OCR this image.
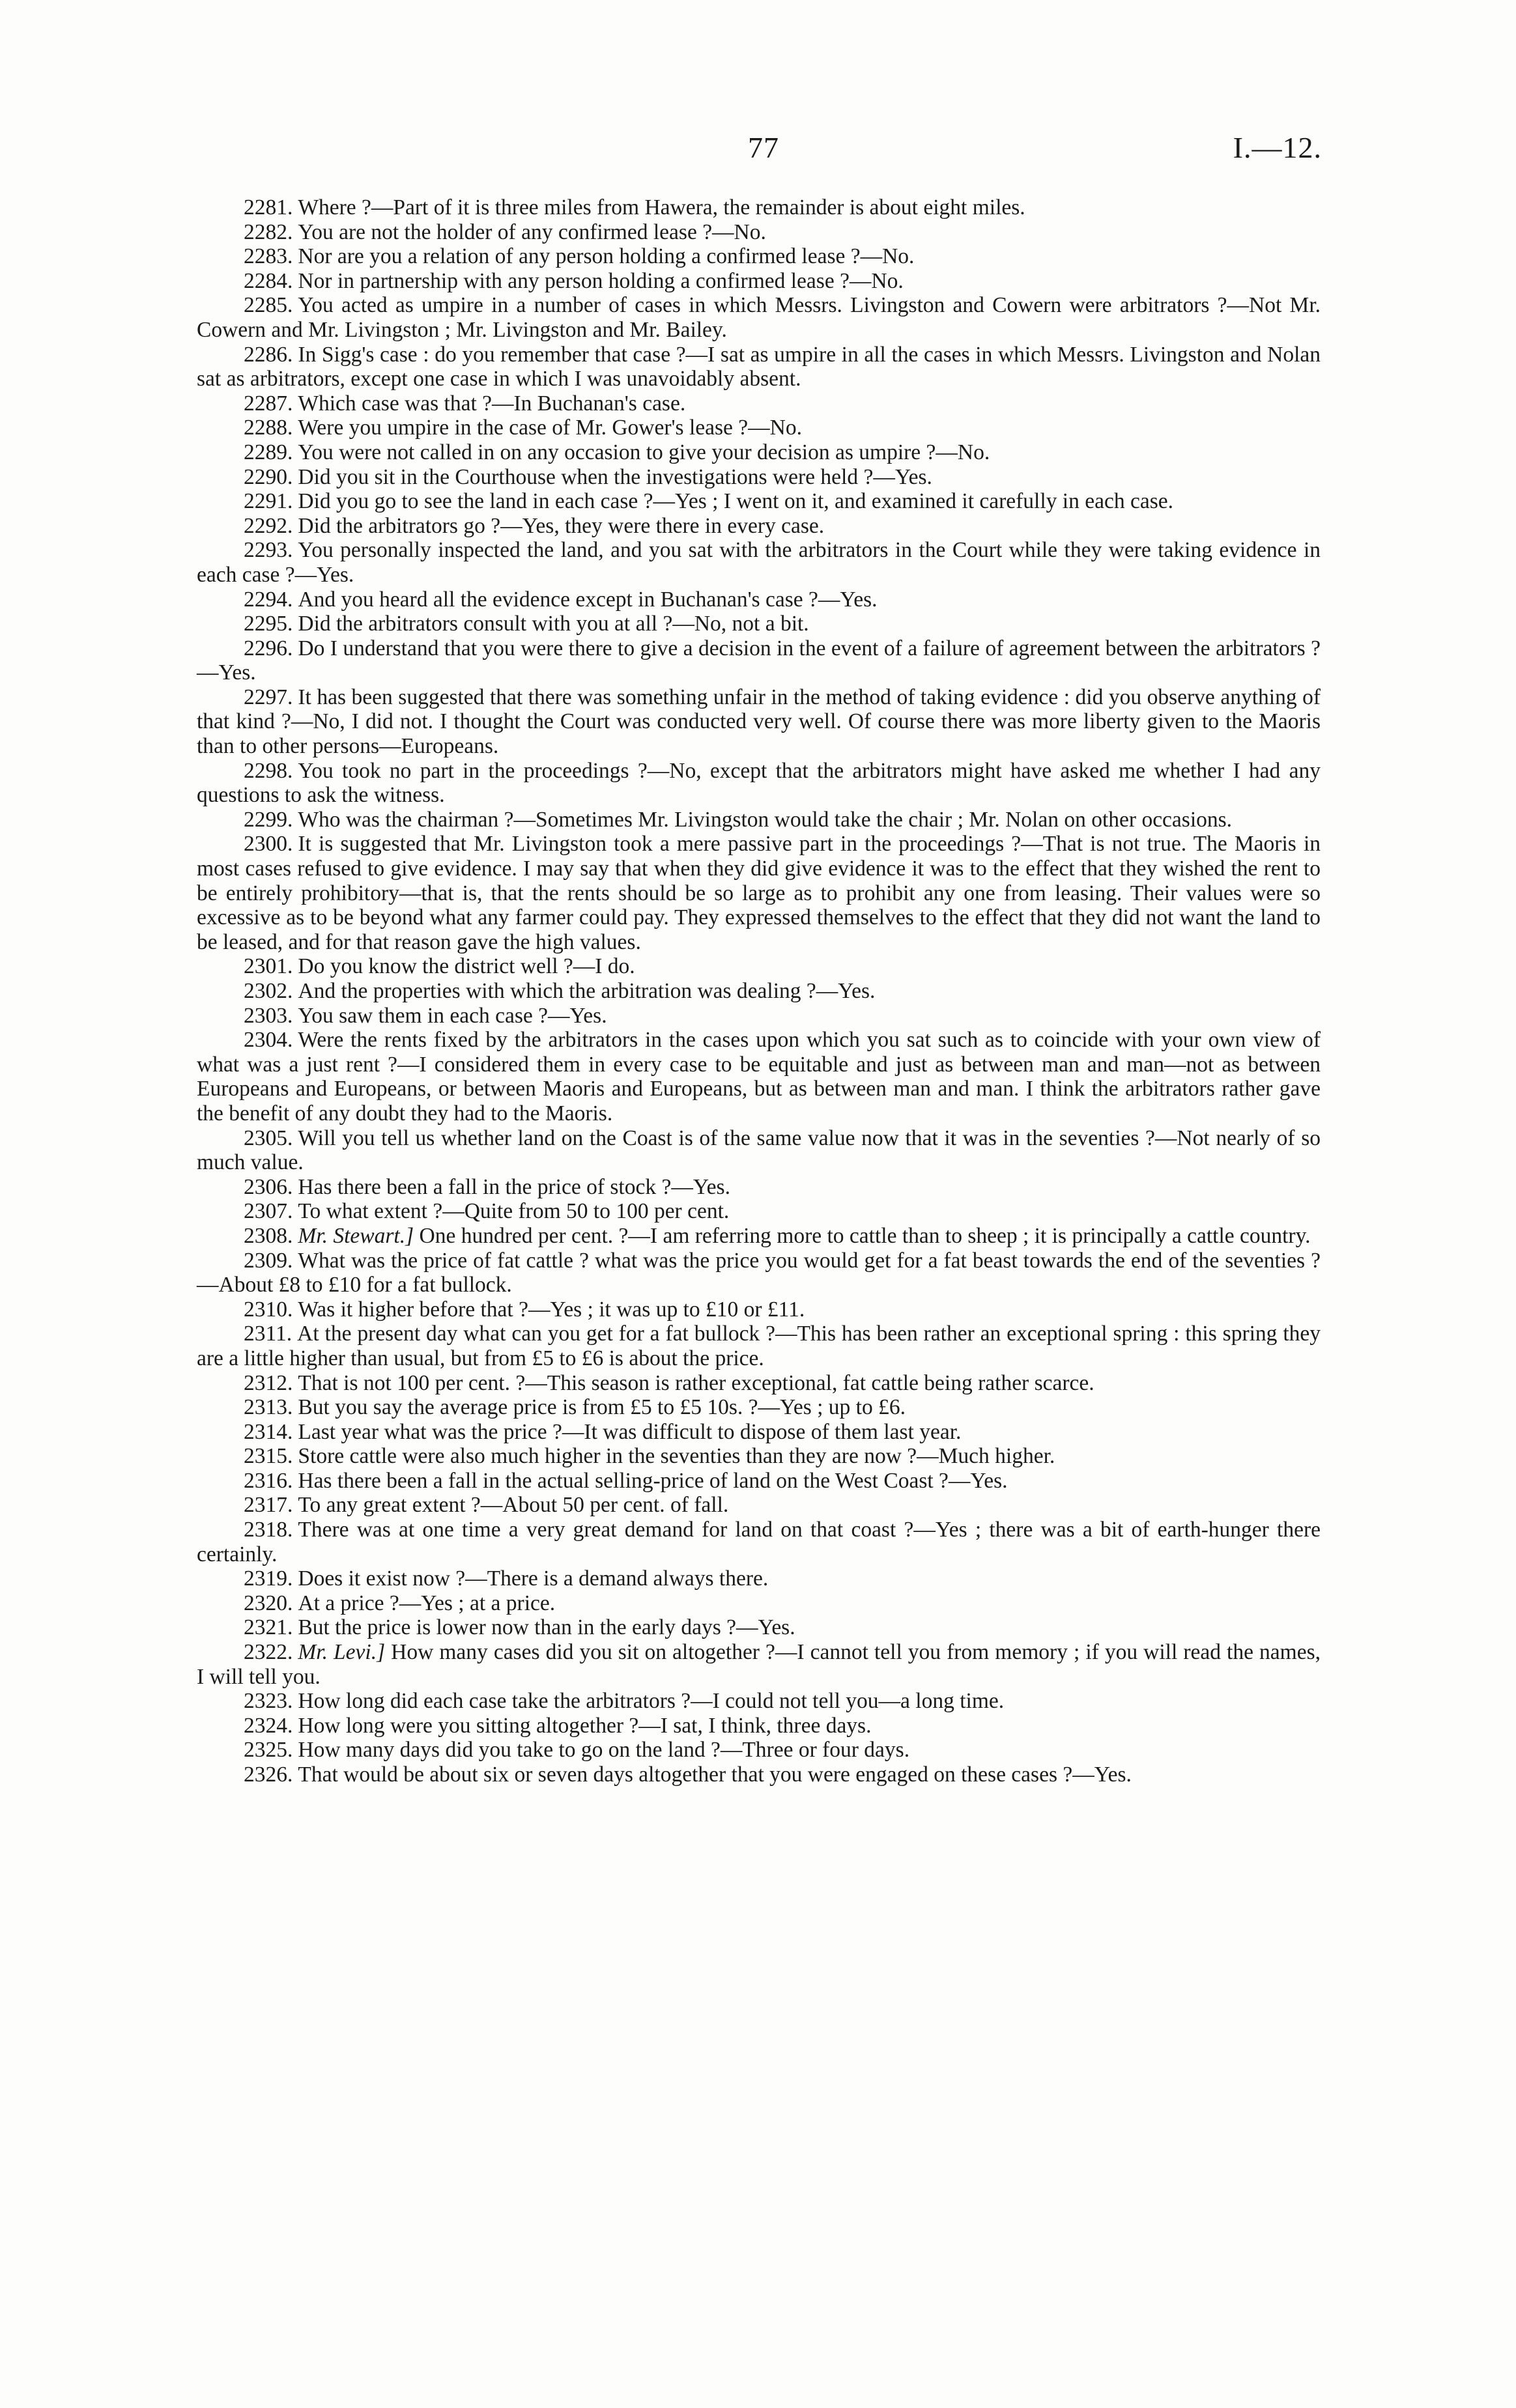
77	I.—12.

2281. Where ?—Part of it is three miles from Hawera, the remainder is about eight miles.

2282. You are not the holder of any confirmed lease ?—No.

2283. Nor are you a relation of any person holding a confirmed lease ?—No.

2284. Nor in partnership with any person holding a confirmed lease ?—No.

2285. You acted as umpire in a number of cases in which Messrs. Livingston and Cowern were arbitrators ?—Not Mr. Cowern and Mr. Livingston ; Mr. Livingston and Mr. Bailey.

2286. In Sigg's case : do you remember that case ?—I sat as umpire in all the cases in which Messrs. Livingston and Nolan sat as arbitrators, except one case in which I was unavoidably absent.

2287. Which case was that ?—In Buchanan's case.

2288. Were you umpire in the case of Mr. Gower's lease ?—No.

2289. You were not called in on any occasion to give your decision as umpire ?—No.

2290. Did you sit in the Courthouse when the investigations were held ?—Yes.

2291. Did you go to see the land in each case ?—Yes ; I went on it, and examined it carefully in each case.

2292. Did the arbitrators go ?—Yes, they were there in every case.

2293. You personally inspected the land, and you sat with the arbitrators in the Court while they were taking evidence in each case ?—Yes.

2294. And you heard all the evidence except in Buchanan's case ?—Yes.

2295. Did the arbitrators consult with you at all ?—No, not a bit.

2296. Do I understand that you were there to give a decision in the event of a failure of agreement between the arbitrators ?—Yes.

2297. It has been suggested that there was something unfair in the method of taking evidence : did you observe anything of that kind ?—No, I did not. I thought the Court was conducted very well. Of course there was more liberty given to the Maoris than to other persons—Europeans.

2298. You took no part in the proceedings ?—No, except that the arbitrators might have asked me whether I had any questions to ask the witness.

2299. Who was the chairman ?—Sometimes Mr. Livingston would take the chair ; Mr. Nolan on other occasions.

2300. It is suggested that Mr. Livingston took a mere passive part in the proceedings ?—That is not true. The Maoris in most cases refused to give evidence. I may say that when they did give evidence it was to the effect that they wished the rent to be entirely prohibitory—that is, that the rents should be so large as to prohibit any one from leasing. Their values were so excessive as to be beyond what any farmer could pay. They expressed themselves to the effect that they did not want the land to be leased, and for that reason gave the high values.

2301. Do you know the district well ?—I do.

2302. And the properties with which the arbitration was dealing ?—Yes.

2303. You saw them in each case ?—Yes.

2304. Were the rents fixed by the arbitrators in the cases upon which you sat such as to coincide with your own view of what was a just rent ?—I considered them in every case to be equitable and just as between man and man—not as between Europeans and Europeans, or between Maoris and Europeans, but as between man and man. I think the arbitrators rather gave the benefit of any doubt they had to the Maoris.

2305. Will you tell us whether land on the Coast is of the same value now that it was in the seventies ?—Not nearly of so much value.

2306. Has there been a fall in the price of stock ?—Yes.

2307. To what extent ?—Quite from 50 to 100 per cent.

2308. Mr. Stewart.] One hundred per cent. ?—I am referring more to cattle than to sheep ; it is principally a cattle country.

2309. What was the price of fat cattle ? what was the price you would get for a fat beast towards the end of the seventies ?—About £8 to £10 for a fat bullock.

2310. Was it higher before that ?—Yes ; it was up to £10 or £11.

2311. At the present day what can you get for a fat bullock ?—This has been rather an exceptional spring : this spring they are a little higher than usual, but from £5 to £6 is about the price.

2312. That is not 100 per cent. ?—This season is rather exceptional, fat cattle being rather scarce.

2313. But you say the average price is from £5 to £5 10s. ?—Yes ; up to £6.

2314. Last year what was the price ?—It was difficult to dispose of them last year.

2315. Store cattle were also much higher in the seventies than they are now ?—Much higher.

2316. Has there been a fall in the actual selling-price of land on the West Coast ?—Yes.

2317. To any great extent ?—About 50 per cent. of fall.

2318. There was at one time a very great demand for land on that coast ?—Yes ; there was a bit of earth-hunger there certainly.

2319. Does it exist now ?—There is a demand always there.

2320. At a price ?—Yes ; at a price.

2321. But the price is lower now than in the early days ?—Yes.

2322. Mr. Levi.] How many cases did you sit on altogether ?—I cannot tell you from memory ; if you will read the names, I will tell you.

2323. How long did each case take the arbitrators ?—I could not tell you—a long time.

2324. How long were you sitting altogether ?—I sat, I think, three days.

2325. How many days did you take to go on the land ?—Three or four days.

2326. That would be about six or seven days altogether that you were engaged on these cases ?—Yes.
